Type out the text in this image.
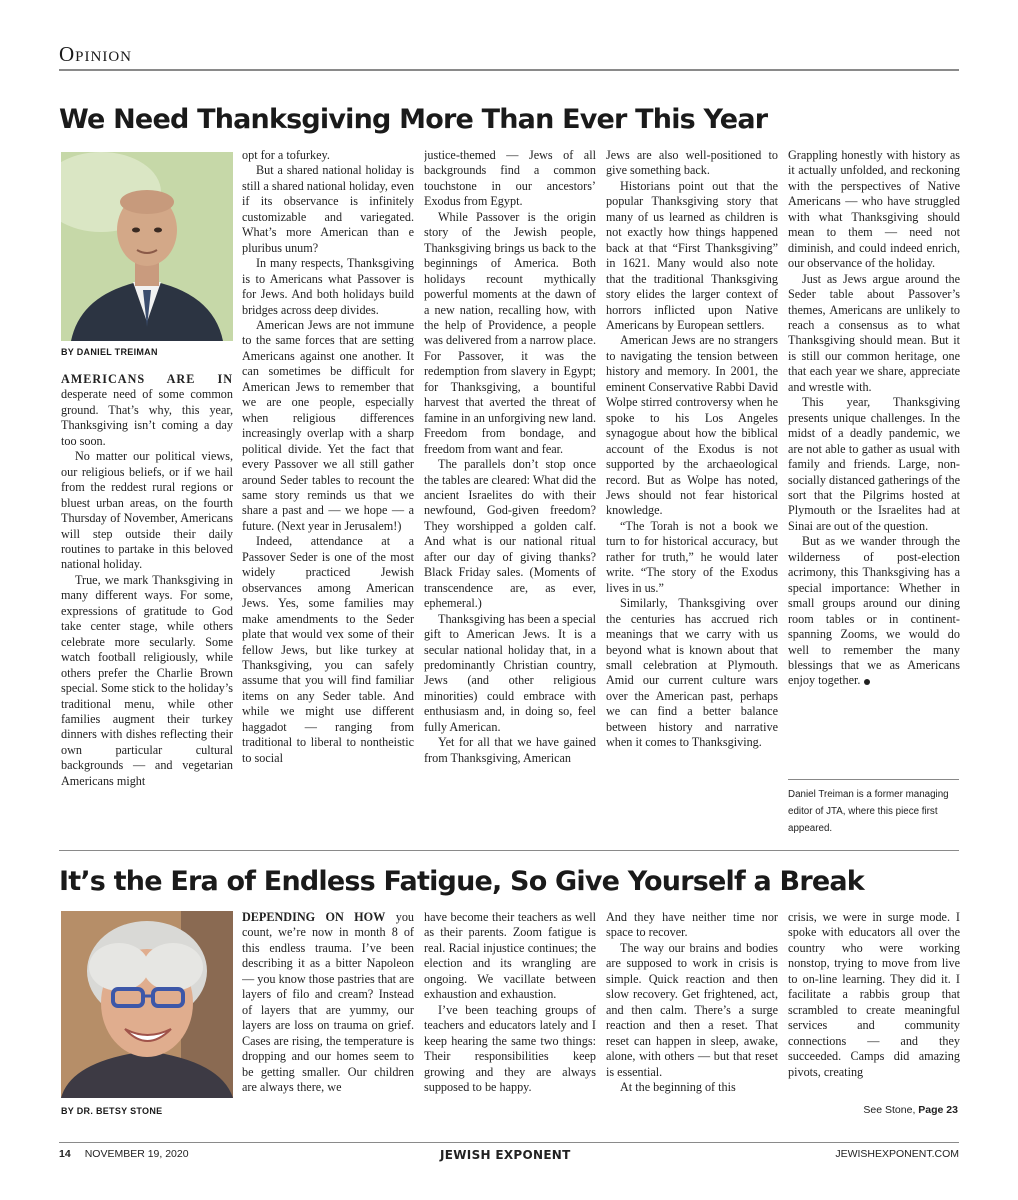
Opinion
We Need Thanksgiving More Than Ever This Year
BY DANIEL TREIMAN

AMERICANS ARE IN desperate need of some common ground. That’s why, this year, Thanksgiving isn’t coming a day too soon.

No matter our political views, our religious beliefs, or if we hail from the reddest rural regions or bluest urban areas, on the fourth Thursday of November, Americans will step outside their daily routines to partake in this beloved national holiday.

True, we mark Thanksgiving in many different ways. For some, expressions of gratitude to God take center stage, while others celebrate more secularly. Some watch football religiously, while others prefer the Charlie Brown special. Some stick to the holiday’s traditional menu, while other families augment their turkey dinners with dishes reflecting their own particular cultural backgrounds — and vegetarian Americans might

opt for a tofurkey.

But a shared national holiday is still a shared national holiday, even if its observance is infinitely customizable and variegated. What’s more American than e pluribus unum?

In many respects, Thanksgiving is to Americans what Passover is for Jews. And both holidays build bridges across deep divides.

American Jews are not immune to the same forces that are setting Americans against one another. It can sometimes be difficult for American Jews to remember that we are one people, especially when religious differences increasingly overlap with a sharp political divide. Yet the fact that every Passover we all still gather around Seder tables to recount the same story reminds us that we share a past and — we hope — a future. (Next year in Jerusalem!)

Indeed, attendance at a Passover Seder is one of the most widely practiced Jewish observances among American Jews. Yes, some families may make amendments to the Seder plate that would vex some of their fellow Jews, but like turkey at Thanksgiving, you can safely assume that you will find familiar items on any Seder table. And while we might use different haggadot — ranging from traditional to liberal to nontheistic to social

justice-themed — Jews of all backgrounds find a common touchstone in our ancestors’ Exodus from Egypt.

While Passover is the origin story of the Jewish people, Thanksgiving brings us back to the beginnings of America. Both holidays recount mythically powerful moments at the dawn of a new nation, recalling how, with the help of Providence, a people was delivered from a narrow place. For Passover, it was the redemption from slavery in Egypt; for Thanksgiving, a bountiful harvest that averted the threat of famine in an unforgiving new land. Freedom from bondage, and freedom from want and fear.

The parallels don’t stop once the tables are cleared: What did the ancient Israelites do with their newfound, God-given freedom? They worshipped a golden calf. And what is our national ritual after our day of giving thanks? Black Friday sales. (Moments of transcendence are, as ever, ephemeral.)

Thanksgiving has been a special gift to American Jews. It is a secular national holiday that, in a predominantly Christian country, Jews (and other religious minorities) could embrace with enthusiasm and, in doing so, feel fully American.

Yet for all that we have gained from Thanksgiving, American

Jews are also well-positioned to give something back.

Historians point out that the popular Thanksgiving story that many of us learned as children is not exactly how things happened back at that “First Thanksgiving” in 1621. Many would also note that the traditional Thanksgiving story elides the larger context of horrors inflicted upon Native Americans by European settlers.

American Jews are no strangers to navigating the tension between history and memory. In 2001, the eminent Conservative Rabbi David Wolpe stirred controversy when he spoke to his Los Angeles synagogue about how the biblical account of the Exodus is not supported by the archaeological record. But as Wolpe has noted, Jews should not fear historical knowledge.

“The Torah is not a book we turn to for historical accuracy, but rather for truth,” he would later write. “The story of the Exodus lives in us.”

Similarly, Thanksgiving over the centuries has accrued rich meanings that we carry with us beyond what is known about that small celebration at Plymouth. Amid our current culture wars over the American past, perhaps we can find a better balance between history and narrative when it comes to Thanksgiving.

Grappling honestly with history as it actually unfolded, and reckoning with the perspectives of Native Americans — who have struggled with what Thanksgiving should mean to them — need not diminish, and could indeed enrich, our observance of the holiday.

Just as Jews argue around the Seder table about Passover’s themes, Americans are unlikely to reach a consensus as to what Thanksgiving should mean. But it is still our common heritage, one that each year we share, appreciate and wrestle with.

This year, Thanksgiving presents unique challenges. In the midst of a deadly pandemic, we are not able to gather as usual with family and friends. Large, non-socially distanced gatherings of the sort that the Pilgrims hosted at Plymouth or the Israelites had at Sinai are out of the question.

But as we wander through the wilderness of post-election acrimony, this Thanksgiving has a special importance: Whether in small groups around our dining room tables or in continent-spanning Zooms, we would do well to remember the many blessings that we as Americans enjoy together.

Daniel Treiman is a former managing editor of JTA, where this piece first appeared.
It’s the Era of Endless Fatigue, So Give Yourself a Break
BY DR. BETSY STONE

DEPENDING ON HOW you count, we’re now in month 8 of this endless trauma. I’ve been describing it as a bitter Napoleon — you know those pastries that are layers of filo and cream? Instead of layers that are yummy, our layers are loss on trauma on grief. Cases are rising, the temperature is dropping and our homes seem to be getting smaller. Our children are always there, we

have become their teachers as well as their parents. Zoom fatigue is real. Racial injustice continues; the election and its wrangling are ongoing. We vacillate between exhaustion and exhaustion.

I’ve been teaching groups of teachers and educators lately and I keep hearing the same two things: Their responsibilities keep growing and they are always supposed to be happy.

And they have neither time nor space to recover.

The way our brains and bodies are supposed to work in crisis is simple. Quick reaction and then slow recovery. Get frightened, act, and then calm. There’s a surge reaction and then a reset. That reset can happen in sleep, awake, alone, with others — but that reset is essential.

At the beginning of this

crisis, we were in surge mode. I spoke with educators all over the country who were working nonstop, trying to move from live to on-line learning. They did it. I facilitate a rabbis group that scrambled to create meaningful services and community connections — and they succeeded. Camps did amazing pivots, creating

See Stone, Page 23
14 NOVEMBER 19, 2020	JEWISH EXPONENT	JEWISHEXPONENT.COM
